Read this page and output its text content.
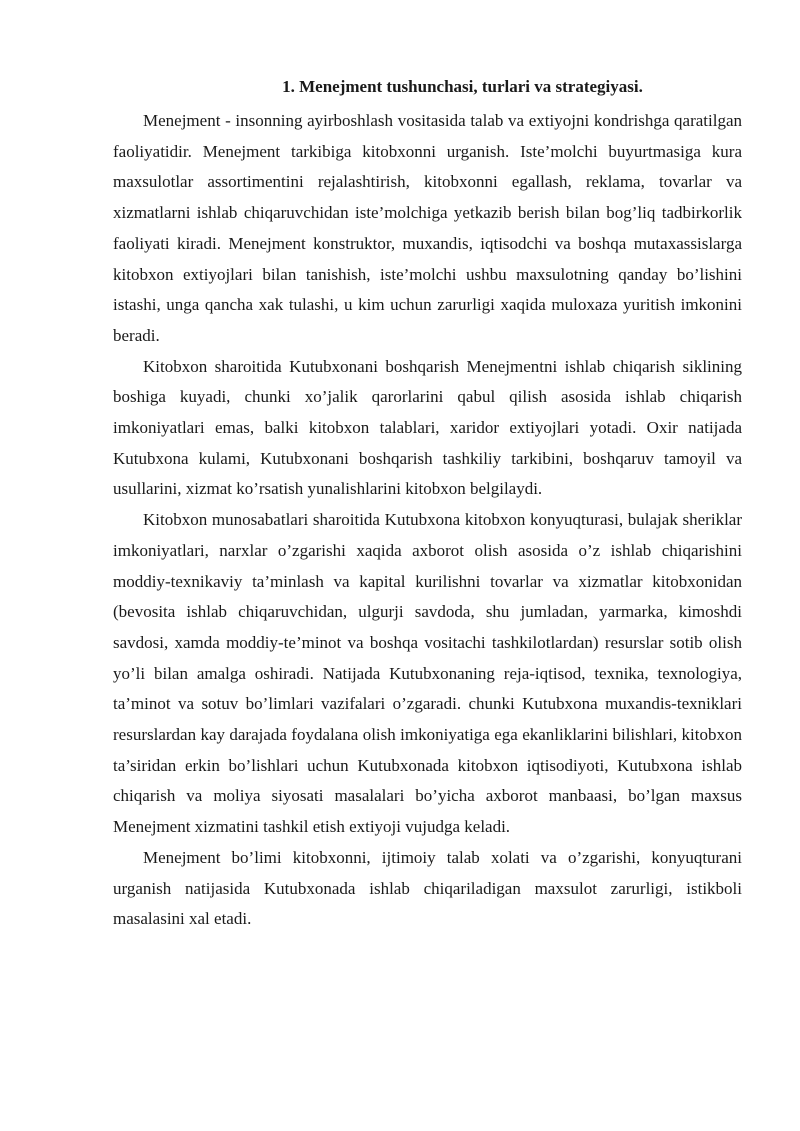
1. Menejment tushunchasi, turlari va strategiyasi.

Menejment - insonning ayirboshlash vositasida talab va extiyojni kondrishga qaratilgan faoliyatidir. Menejment tarkibiga kitobxonni urganish. Iste’molchi buyurtmasiga kura maxsulotlar assortimentini rejalashtirish, kitobxonni egallash, reklama, tovarlar va xizmatlarni ishlab chiqaruvchidan iste’molchiga yetkazib berish bilan bog’liq tadbirkorlik faoliyati kiradi. Menejment konstruktor, muxandis, iqtisodchi va boshqa mutaxassislarga kitobxon extiyojlari bilan tanishish, iste’molchi ushbu maxsulotning qanday bo’lishini istashi, unga qancha xak tulashi, u kim uchun zarurligi xaqida muloxaza yuritish imkonini beradi.

Kitobxon sharoitida Kutubxonani boshqarish Menejmentni ishlab chiqarish siklining boshiga kuyadi, chunki xo’jalik qarorlarini qabul qilish asosida ishlab chiqarish imkoniyatlari emas, balki kitobxon talablari, xaridor extiyojlari yotadi. Oxir natijada Kutubxona kulami, Kutubxonani boshqarish tashkiliy tarkibini, boshqaruv tamoyil va usullarini, xizmat ko’rsatish yunalishlarini kitobxon belgilaydi.

Kitobxon munosabatlari sharoitida Kutubxona kitobxon konyuqturasi, bulajak sheriklar imkoniyatlari, narxlar o’zgarishi xaqida axborot olish asosida o’z ishlab chiqarishini moddiy-texnikaviy ta’minlash va kapital kurilishni tovarlar va xizmatlar kitobxonidan (bevosita ishlab chiqaruvchidan, ulgurji savdoda, shu jumladan, yarmarka, kimoshdi savdosi, xamda moddiy-te’minot va boshqa vositachi tashkilotlardan) resurslar sotib olish yo’li bilan amalga oshiradi. Natijada Kutubxonaning reja-iqtisod, texnika, texnologiya, ta’minot va sotuv bo’limlari vazifalari o’zgaradi. chunki Kutubxona muxandis-texniklari resurslardan kay darajada foydalana olish imkoniyatiga ega ekanliklarini bilishlari, kitobxon ta’siridan erkin bo’lishlari uchun Kutubxonada kitobxon iqtisodiyoti, Kutubxona ishlab chiqarish va moliya siyosati masalalari bo’yicha axborot manbaasi, bo’lgan maxsus Menejment xizmatini tashkil etish extiyoji vujudga keladi.

Menejment bo’limi kitobxonni, ijtimoiy talab xolati va o’zgarishi, konyuqturani urganish natijasida Kutubxonada ishlab chiqariladigan maxsulot zarurligi, istikboli masalasini xal etadi.
